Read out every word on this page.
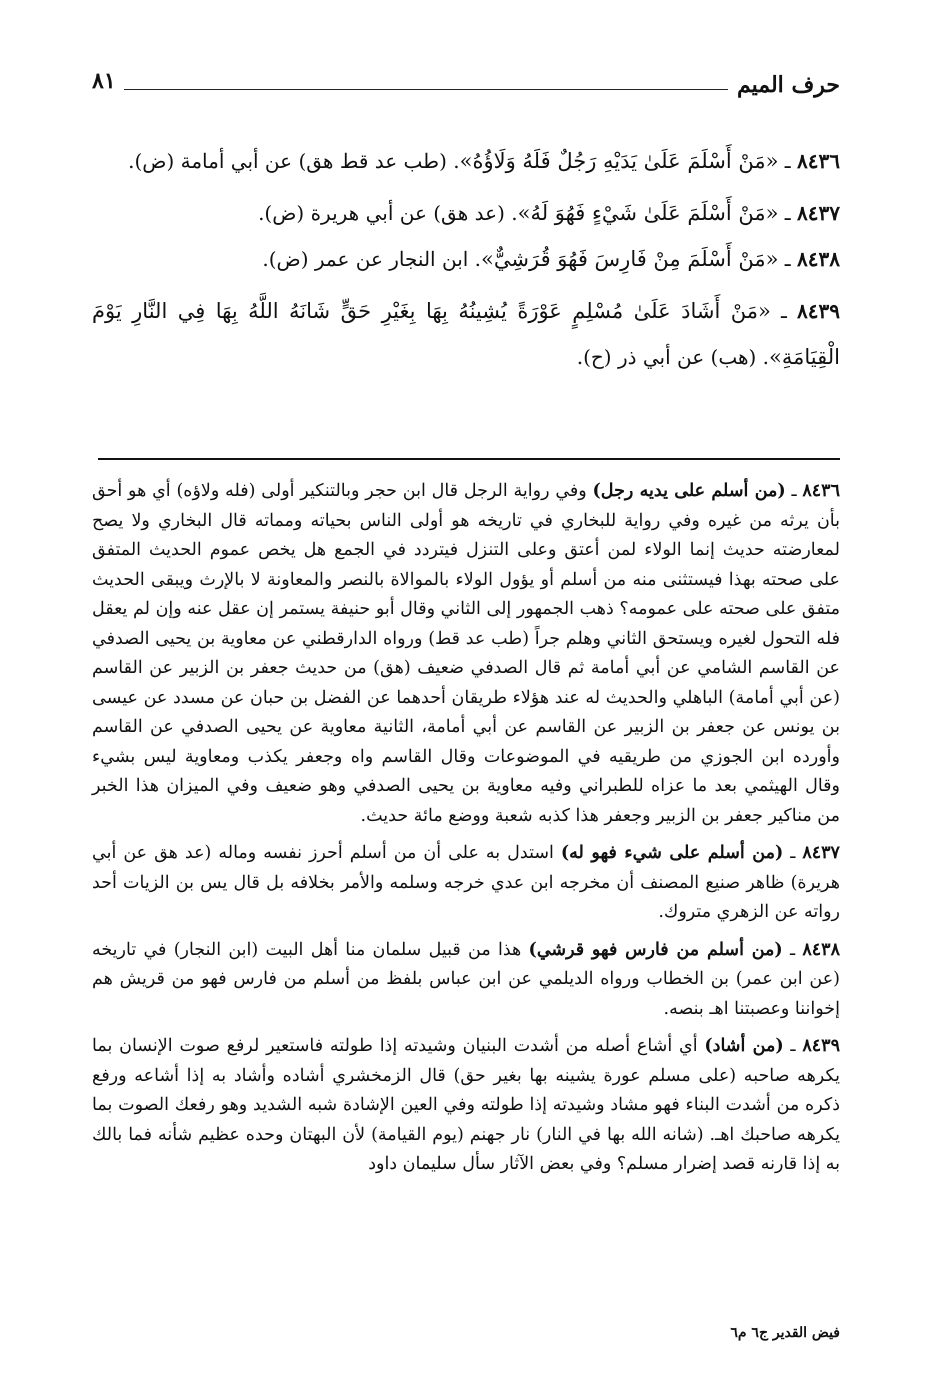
حرف الميم
٨١

٨٤٣٦ ـ «مَنْ أَسْلَمَ عَلَىٰ يَدَيْهِ رَجُلٌ فَلَهُ وَلَاؤُهُ». (طب عد قط هق) عن أبي أمامة (ض).

٨٤٣٧ ـ «مَنْ أَسْلَمَ عَلَىٰ شَيْءٍ فَهُوَ لَهُ». (عد هق) عن أبي هريرة (ض).

٨٤٣٨ ـ «مَنْ أَسْلَمَ مِنْ فَارِسَ فَهُوَ قُرَشِيٌّ». ابن النجار عن عمر (ض).

٨٤٣٩ ـ «مَنْ أَشَادَ عَلَىٰ مُسْلِمٍ عَوْرَةً يُشِينُهُ بِهَا بِغَيْرِ حَقٍّ شَانَهُ اللَّهُ بِهَا فِي النَّارِ يَوْمَ الْقِيَامَةِ». (هب) عن أبي ذر (ح).

٨٤٣٦ ـ (من أسلم على يديه رجل) وفي رواية الرجل قال ابن حجر وبالتنكير أولى (فله ولاؤه) أي هو أحق بأن يرثه من غيره وفي رواية للبخاري في تاريخه هو أولى الناس بحياته ومماته قال البخاري ولا يصح لمعارضته حديث إنما الولاء لمن أعتق وعلى التنزل فيتردد في الجمع هل يخص عموم الحديث المتفق على صحته بهذا فيستثنى منه من أسلم أو يؤول الولاء بالموالاة بالنصر والمعاونة لا بالإرث ويبقى الحديث متفق على صحته على عمومه؟ ذهب الجمهور إلى الثاني وقال أبو حنيفة يستمر إن عقل عنه وإن لم يعقل فله التحول لغيره ويستحق الثاني وهلم جراً (طب عد قط) ورواه الدارقطني عن معاوية بن يحيى الصدفي عن القاسم الشامي عن أبي أمامة ثم قال الصدفي ضعيف (هق) من حديث جعفر بن الزبير عن القاسم (عن أبي أمامة) الباهلي والحديث له عند هؤلاء طريقان أحدهما عن الفضل بن حبان عن مسدد عن عيسى بن يونس عن جعفر بن الزبير عن القاسم عن أبي أمامة، الثانية معاوية عن يحيى الصدفي عن القاسم وأورده ابن الجوزي من طريقيه في الموضوعات وقال القاسم واه وجعفر يكذب ومعاوية ليس بشيء وقال الهيثمي بعد ما عزاه للطبراني وفيه معاوية بن يحيى الصدفي وهو ضعيف وفي الميزان هذا الخبر من مناكير جعفر بن الزبير وجعفر هذا كذبه شعبة ووضع مائة حديث.

٨٤٣٧ ـ (من أسلم على شيء فهو له) استدل به على أن من أسلم أحرز نفسه وماله (عد هق عن أبي هريرة) ظاهر صنيع المصنف أن مخرجه ابن عدي خرجه وسلمه والأمر بخلافه بل قال يس بن الزيات أحد رواته عن الزهري متروك.

٨٤٣٨ ـ (من أسلم من فارس فهو قرشي) هذا من قبيل سلمان منا أهل البيت (ابن النجار) في تاريخه (عن ابن عمر) بن الخطاب ورواه الديلمي عن ابن عباس بلفظ من أسلم من فارس فهو من قريش هم إخواننا وعصبتنا اهـ بنصه.

٨٤٣٩ ـ (من أشاد) أي أشاع أصله من أشدت البنيان وشيدته إذا طولته فاستعير لرفع صوت الإنسان بما يكرهه صاحبه (على مسلم عورة يشينه بها بغير حق) قال الزمخشري أشاده وأشاد به إذا أشاعه ورفع ذكره من أشدت البناء فهو مشاد وشيدته إذا طولته وفي العين الإشادة شبه الشديد وهو رفعك الصوت بما يكرهه صاحبك اهـ. (شانه الله بها في النار) نار جهنم (يوم القيامة) لأن البهتان وحده عظيم شأنه فما بالك به إذا قارنه قصد إضرار مسلم؟ وفي بعض الآثار سأل سليمان داود

فيض القدير ج٦ م٦
